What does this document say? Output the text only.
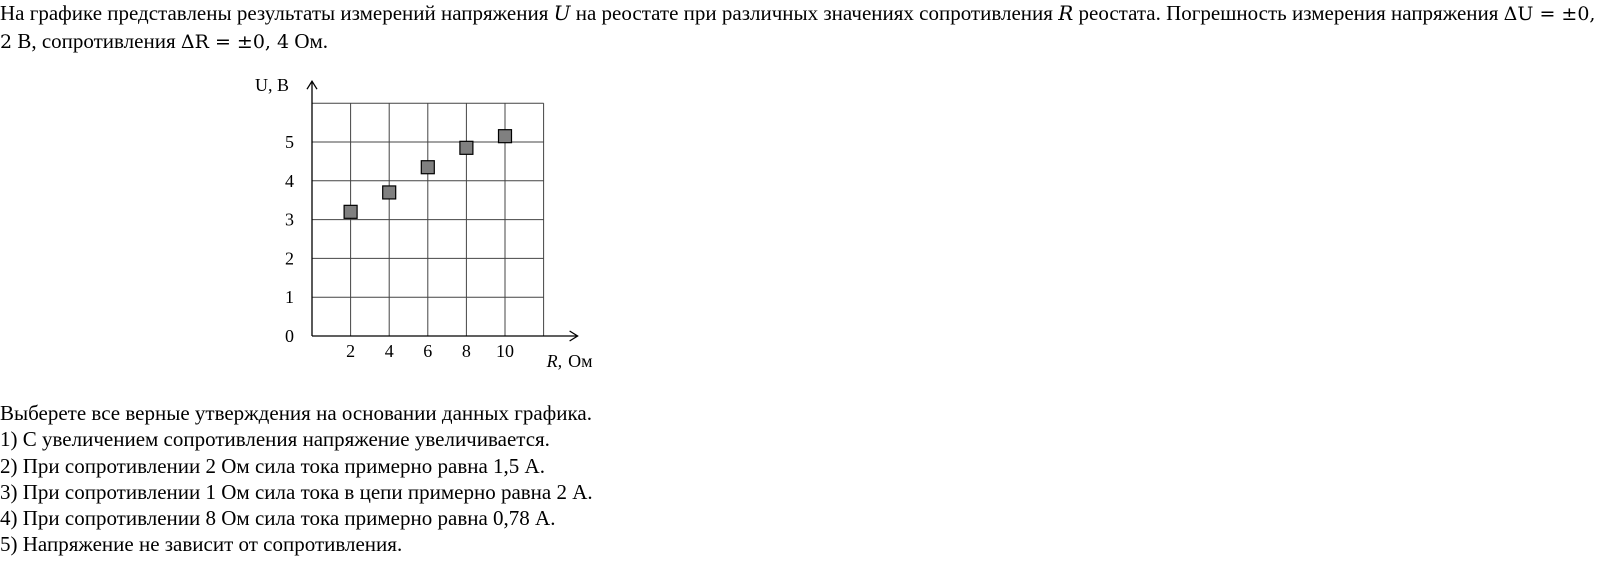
На графике представлены результаты измерений напряжения U на реостате при различных значениях сопротивления R реостата. Погрешность измерения напряжения ΔU = ±0, 2 В, сопротивления ΔR = ±0, 4 Ом.
2 4 6 8 10
0
1
2
3
4
5
U, В
R, Ом
Выберете все верные утверждения на основании данных графика.
1) С увеличением сопротивления напряжение увеличивается.
2) При сопротивлении 2 Ом сила тока примерно равна 1,5 А.
3) При сопротивлении 1 Ом сила тока в цепи примерно равна 2 А.
4) При сопротивлении 8 Ом сила тока примерно равна 0,78 А.
5) Напряжение не зависит от сопротивления.
